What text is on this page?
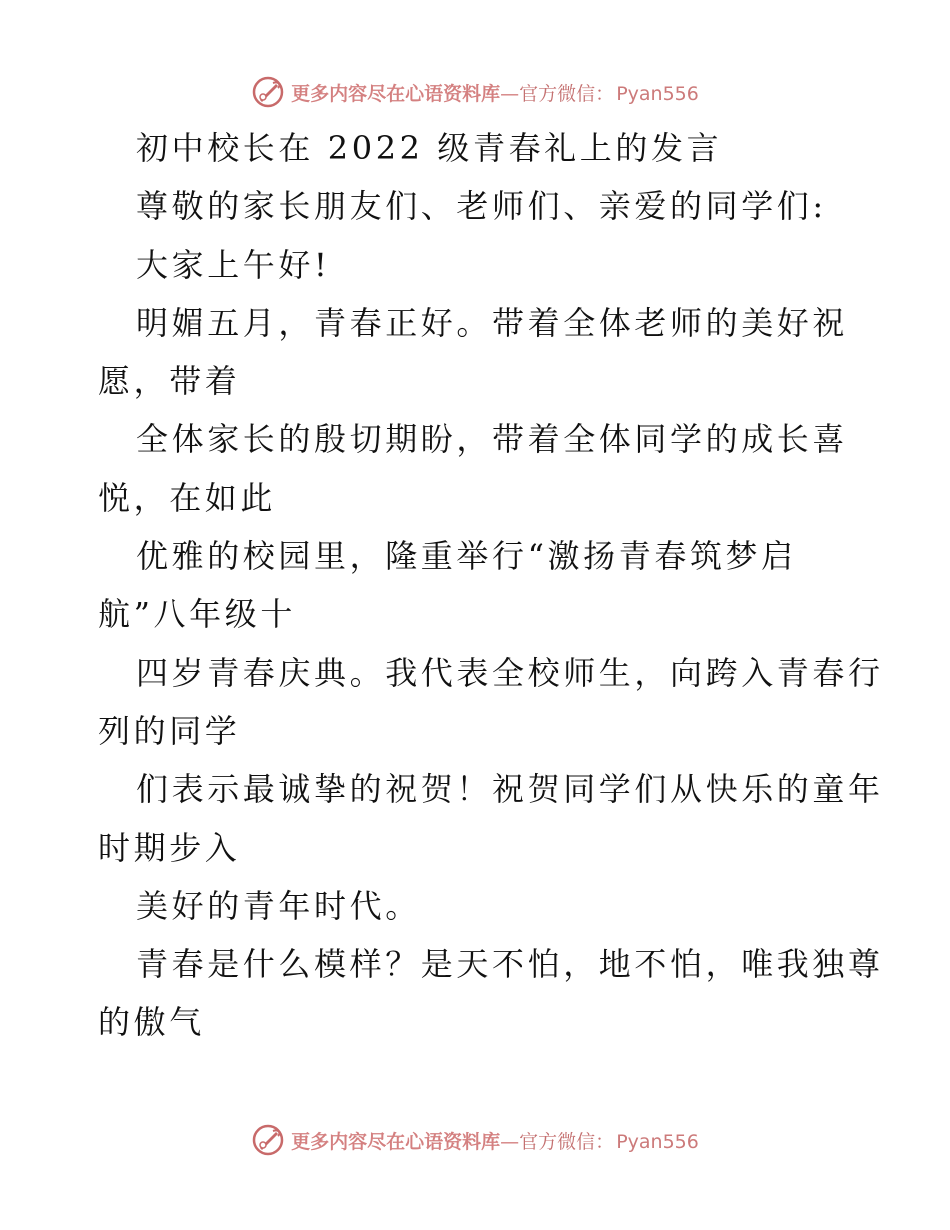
更多内容尽在心语资料库 — 官方微信： Pyan556
初中校长在 2022 级青春礼上的发言
尊敬的家长朋友们、老师们、亲爱的同学们:
大家上午好!
明媚五月，青春正好。带着全体老师的美好祝
愿，带着
全体家长的殷切期盼，带着全体同学的成长喜
悦，在如此
优雅的校园里，隆重举行“激扬青春筑梦启
航”八年级十
四岁青春庆典。我代表全校师生，向跨入青春行
列的同学
们表示最诚挚的祝贺！祝贺同学们从快乐的童年
时期步入
美好的青年时代。
青春是什么模样？是天不怕，地不怕，唯我独尊
的傲气
更多内容尽在心语资料库 — 官方微信： Pyan556
